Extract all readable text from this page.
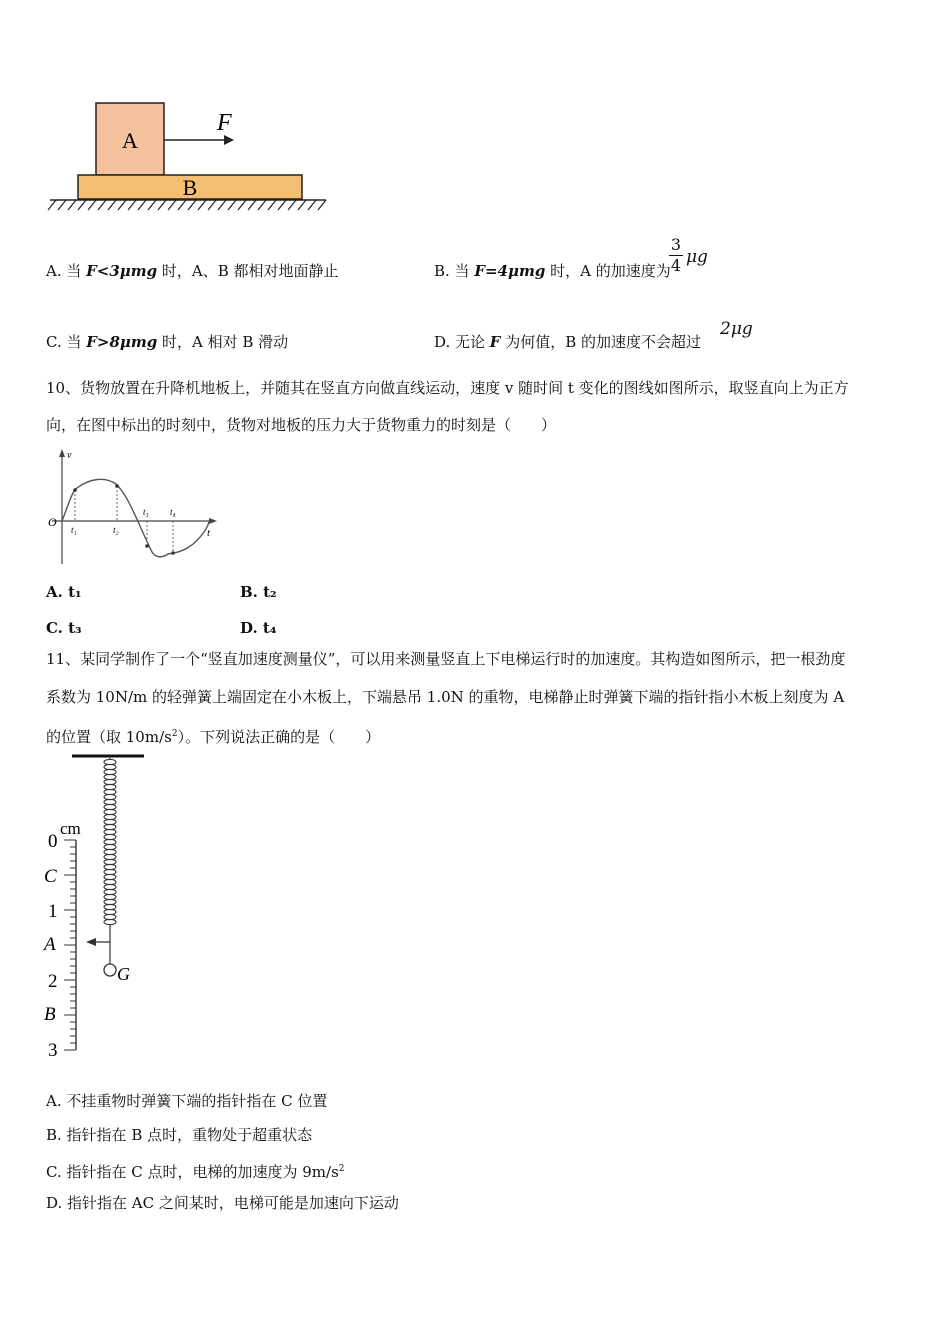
A
B
F
A. 当 F<3μmg 时，A、B 都相对地面静止	B. 当 F=4μmg 时，A 的加速度为
3
4 μg
C. 当 F>8μmg 时，A 相对 B 滑动	D. 无论 F 为何值，B 的加速度不会超过
2μg
10、货物放置在升降机地板上，并随其在竖直方向做直线运动，速度 v 随时间 t 变化的图线如图所示，取竖直向上为正方
向，在图中标出的时刻中，货物对地板的压力大于货物重力的时刻是（　　）
v
t
O
t₁	t₂
t₃ t₄
A. t₁	B. t₂
C. t₃	D. t₄
11、某同学制作了一个“竖直加速度测量仪”，可以用来测量竖直上下电梯运行时的加速度。其构造如图所示，把一根劲度
系数为 10N/m 的轻弹簧上端固定在小木板上，下端悬吊 1.0N 的重物，电梯静止时弹簧下端的指针指小木板上刻度为 A
的位置（取 $10m/s^2$）。下列说法正确的是（　　）
G
cm
0
C
1
A
2
B
3
A. 不挂重物时弹簧下端的指针指在 C 位置
B. 指针指在 B 点时，重物处于超重状态
C. 指针指在 C 点时，电梯的加速度为 $9m/s^2$
D. 指针指在 AC 之间某时，电梯可能是加速向下运动
